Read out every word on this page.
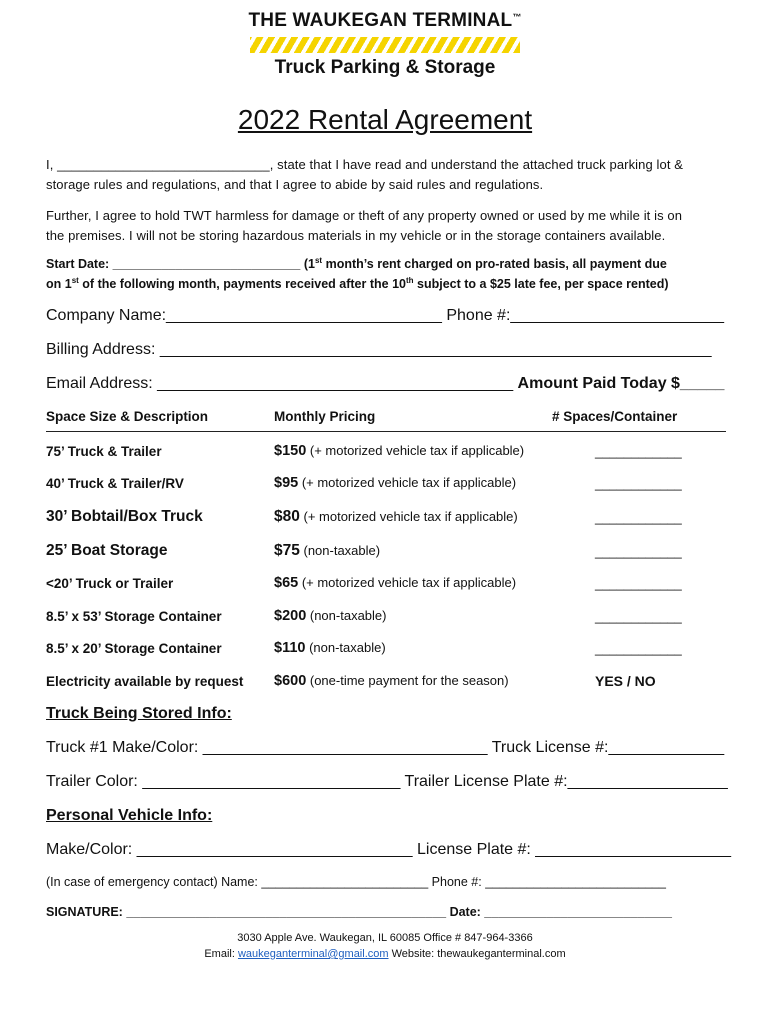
THE WAUKEGAN TERMINAL™
Truck Parking & Storage
2022 Rental Agreement
I, _____________________________, state that I have read and understand the attached truck parking lot &
storage rules and regulations, and that I agree to abide by said rules and regulations.
Further, I agree to hold TWT harmless for damage or theft of any property owned or used by me while it is on
the premises. I will not be storing hazardous materials in my vehicle or in the storage containers available.
Start Date: ___________________________ (1st month’s rent charged on pro-rated basis, all payment due
on 1st of the following month, payments received after the 10th subject to a $25 late fee, per space rented)
Company Name:_______________________________ Phone #:________________________
Billing Address: ______________________________________________________________
Email Address: ________________________________________ Amount Paid Today $_____
Space Size & Description	Monthly Pricing	# Spaces/Container
75’ Truck & Trailer	$150 (+ motorized vehicle tax if applicable)	____________
40’ Truck & Trailer/RV	$95 (+ motorized vehicle tax if applicable)	____________
30’ Bobtail/Box Truck	$80 (+ motorized vehicle tax if applicable)	____________
25’ Boat Storage	$75 (non-taxable)	____________
<20’ Truck or Trailer	$65 (+ motorized vehicle tax if applicable)	____________
8.5’ x 53’ Storage Container	$200 (non-taxable)	____________
8.5’ x 20’ Storage Container	$110 (non-taxable)	____________
Electricity available by request $600 (one-time payment for the season)	YES / NO
Truck Being Stored Info:
Truck #1 Make/Color: ________________________________ Truck License #:_____________
Trailer Color: _____________________________ Trailer License Plate #:__________________
Personal Vehicle Info:
Make/Color: _______________________________ License Plate #: ______________________
(In case of emergency contact) Name: ________________________ Phone #: __________________________
SIGNATURE: ______________________________________________ Date: ___________________________
3030 Apple Ave. Waukegan, IL 60085 Office # 847-964-3366
Email: waukeganterminal@gmail.com Website: thewaukeganterminal.com
